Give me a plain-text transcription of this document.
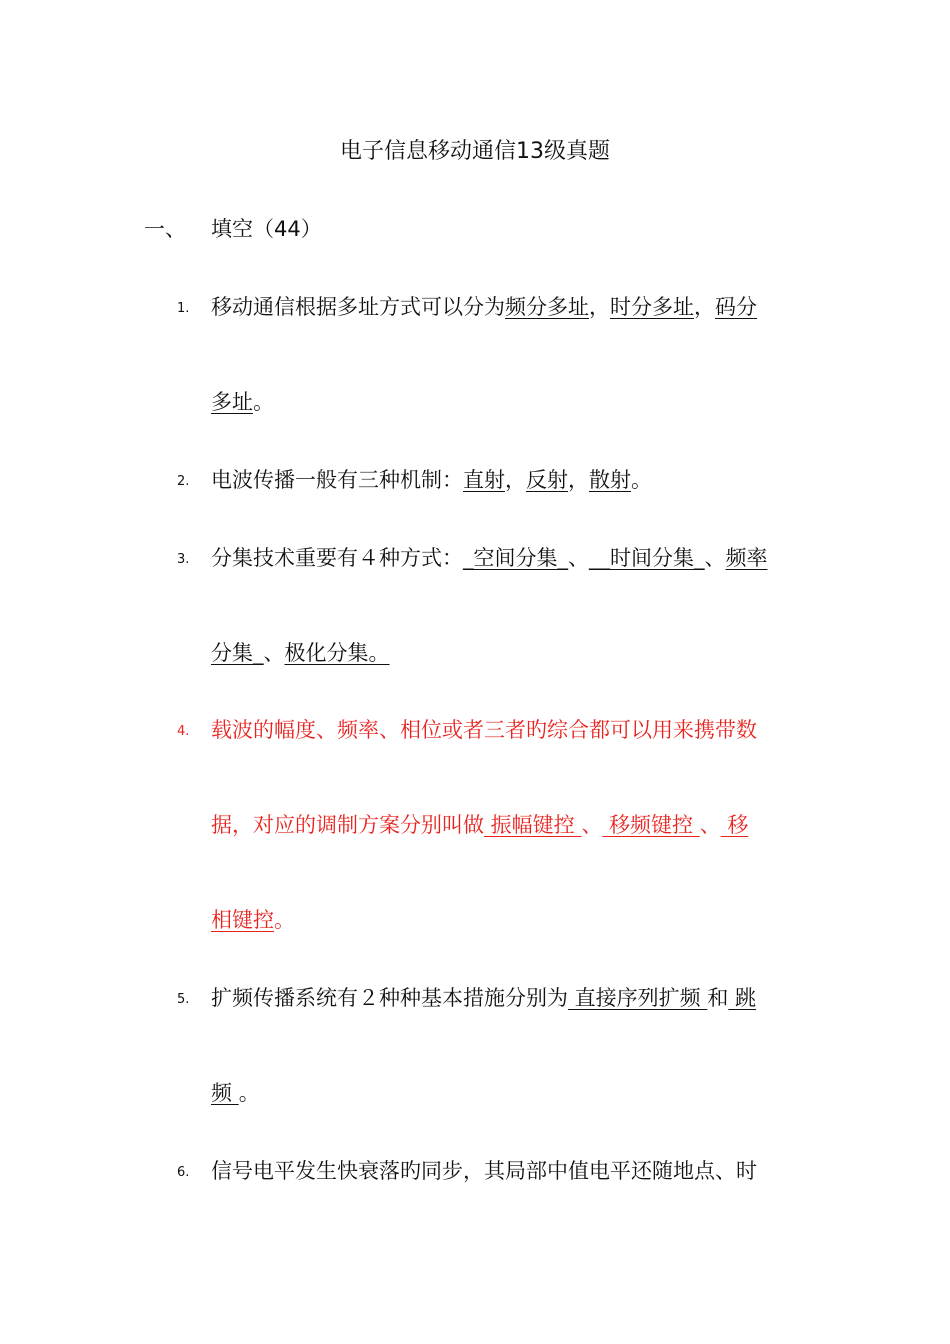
电子信息移动通信13级真题
一、 填空（44）
1.	移动通信根据多址方式可以分为频分多址，时分多址，码分
多址。
2.	电波传播一般有三种机制：直射，反射，散射。
3.	分集技术重要有４种方式：_空间分集_、__时间分集_、频率
分集_、极化分集。
4.	载波的幅度、频率、相位或者三者旳综合都可以用来携带数
据，对应的调制方案分别叫做 振幅键控 、 移频键控 、 移
相键控。
5.	扩频传播系统有２种种基本措施分别为 直接序列扩频 和 跳
频 。
6.	信号电平发生快衰落旳同步，其局部中值电平还随地点、时
